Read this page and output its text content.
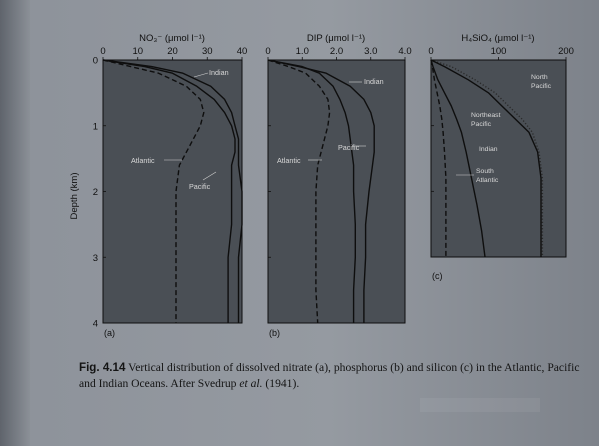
NO₃⁻ (μmol l⁻¹)	DIP (μmol l⁻¹)	H₄SiO₄ (μmol l⁻¹)
Depth (km)
(a)	(b)
(c)
0	10	20	30	40
0
1
2
3
4
0	1.0 2.0 3.0 4.0 0	100	200
Indian
Atlantic
Pacific
Indian
Pacific
Atlantic
North
Pacific
Northeast
Pacific
Indian
South
Atlantic
Fig. 4.14 Vertical distribution of dissolved nitrate (a), phosphorus (b) and silicon (c) in the Atlantic, Pacific
and Indian Oceans. After Svedrup et al. (1941).
